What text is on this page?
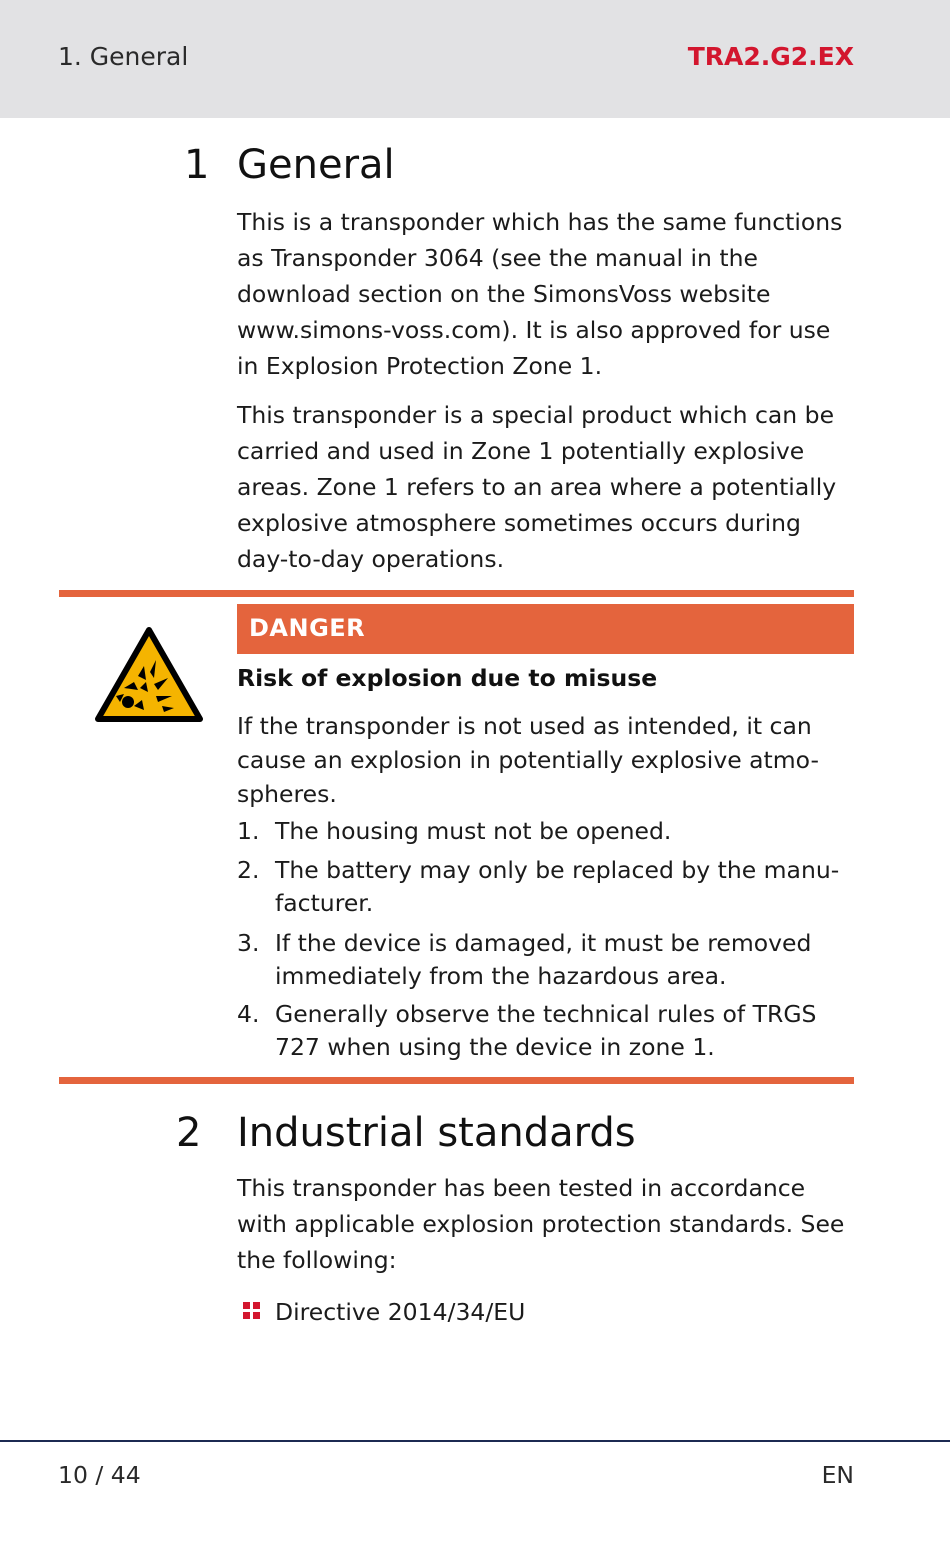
1. General	TRA2.G2.EX
1 General

This is a transponder which has the same functions as Transponder 3064 (see the manual in the download section on the SimonsVoss website www.simons-voss.com). It is also approved for use in Explosion Protection Zone 1.

This transponder is a special product which can be carried and used in Zone 1 potentially explosive areas. Zone 1 refers to an area where a potentially explosive atmosphere sometimes occurs during day-to-day operations.

DANGER
Risk of explosion due to misuse

If the transponder is not used as intended, it can cause an explosion in potentially explosive atmo-spheres.

1. The housing must not be opened.
2. The battery may only be replaced by the manu-facturer.
3. If the device is damaged, it must be removed immediately from the hazardous area.
4. Generally observe the technical rules of TRGS 727 when using the device in zone 1.
2 Industrial standards

This transponder has been tested in accordance with applicable explosion protection standards. See the following:

Directive 2014/34/EU
10 / 44	EN
